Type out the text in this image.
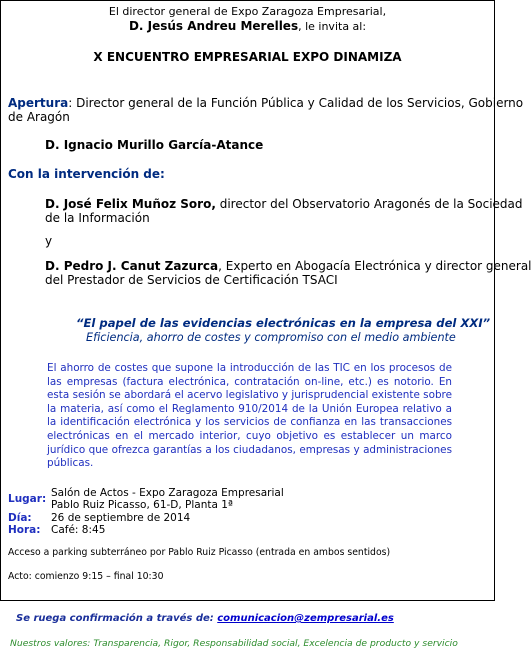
El director general de Expo Zaragoza Empresarial,
D. Jesús Andreu Merelles, le invita al:
X ENCUENTRO EMPRESARIAL EXPO DINAMIZA
Apertura: Director general de la Función Pública y Calidad de los Servicios, Gobierno
de Aragón
D. Ignacio Murillo García-Atance
Con la intervención de:
D. José Felix Muñoz Soro, director del Observatorio Aragonés de la Sociedad
de la Información
y
D. Pedro J. Canut Zazurca, Experto en Abogacía Electrónica y director general
del Prestador de Servicios de Certificación TSACI
“El papel de las evidencias electrónicas en la empresa del XXI”
Eficiencia, ahorro de costes y compromiso con el medio ambiente
El ahorro de costes que supone la introducción de las TIC en los procesos de las empresas (factura electrónica, contratación on-line, etc.) es notorio. En esta sesión se abordará el acervo legislativo y jurisprudencial existente sobre la materia, así como el Reglamento 910/2014 de la Unión Europea relativo a la identificación electrónica y los servicios de confianza en las transacciones electrónicas en el mercado interior, cuyo objetivo es establecer un marco jurídico que ofrezca garantías a los ciudadanos, empresas y administraciones públicas.
Lugar: Salón de Actos - Expo Zaragoza Empresarial
Pablo Ruiz Picasso, 61-D, Planta 1ª
Día: 26 de septiembre de 2014
Hora: Café: 8:45
Acceso a parking subterráneo por Pablo Ruiz Picasso (entrada en ambos sentidos)
Acto: comienzo 9:15 – final 10:30
Se ruega confirmación a través de: comunicacion@zempresarial.es
Nuestros valores: Transparencia, Rigor, Responsabilidad social, Excelencia de producto y servicio
